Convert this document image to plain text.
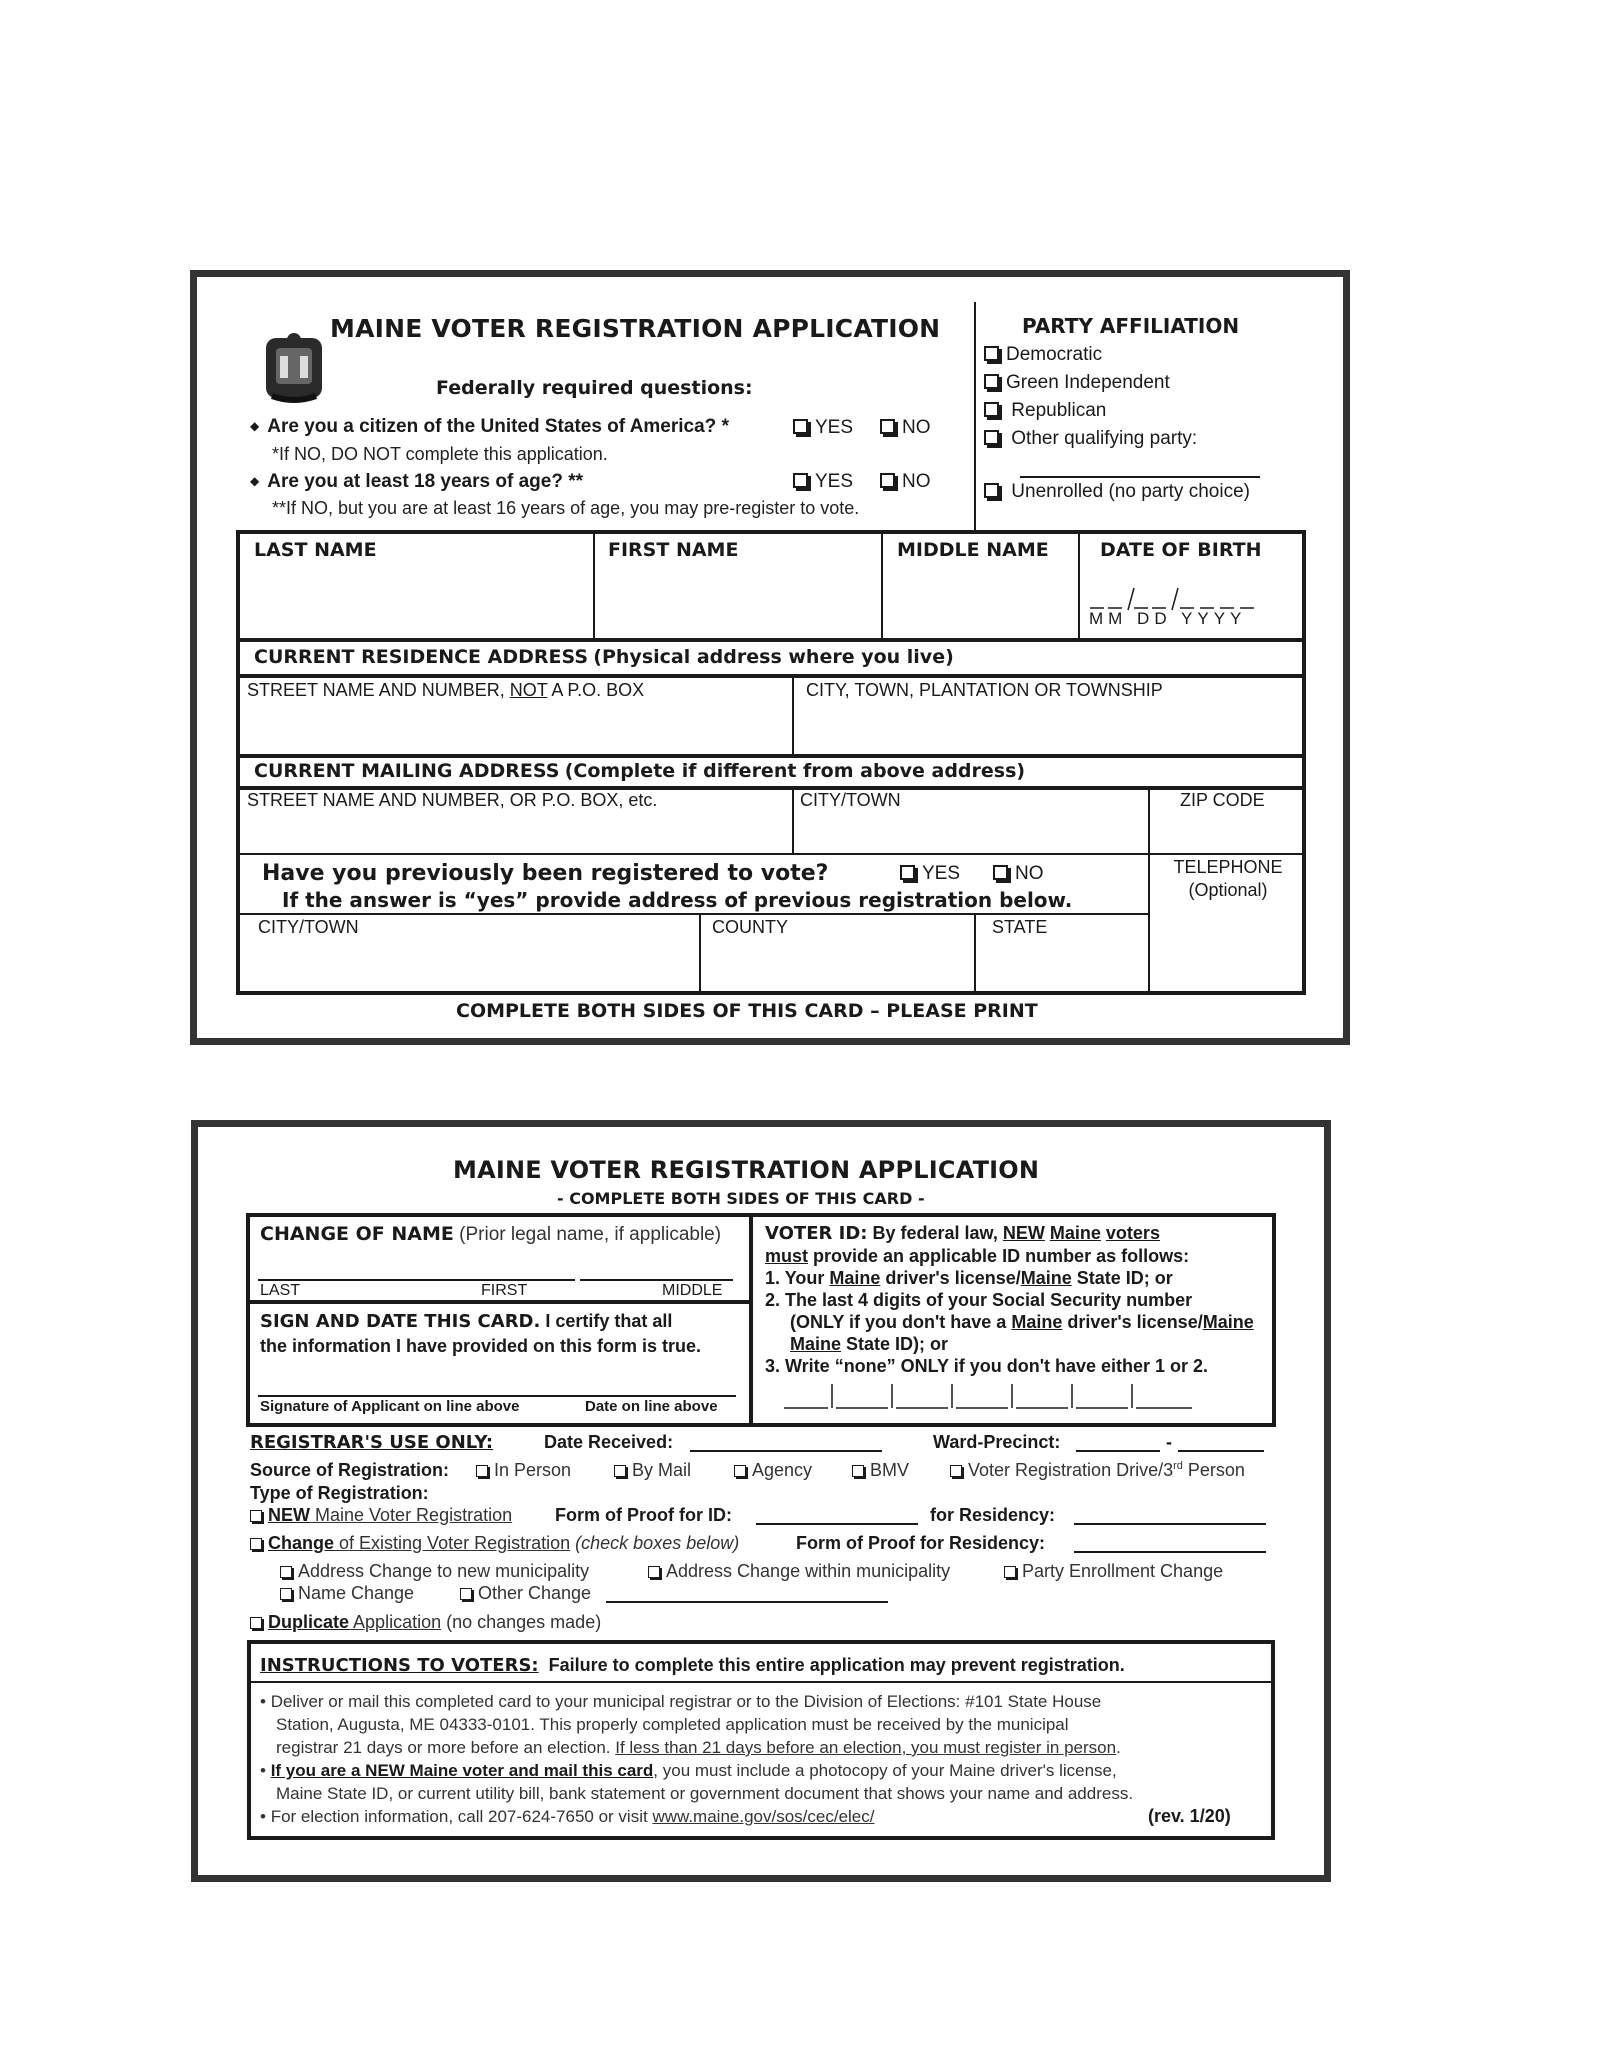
MAINE VOTER REGISTRATION APPLICATION
Federally required questions:
◆ Are you a citizen of the United States of America? *
*If NO, DO NOT complete this application.
YES	NO
◆ Are you at least 18 years of age? **
**If NO, but you are at least 16 years of age, you may pre-register to vote.
YES	NO
PARTY AFFILIATION
Democratic
Green Independent
Republican
Other qualifying party:
Unenrolled (no party choice)
LAST NAME	FIRST NAME	MIDDLE NAME	DATE OF BIRTH
MM DD YYYY
CURRENT RESIDENCE ADDRESS (Physical address where you live)
STREET NAME AND NUMBER, NOT A P.O. BOX	CITY, TOWN, PLANTATION OR TOWNSHIP
CURRENT MAILING ADDRESS (Complete if different from above address)
STREET NAME AND NUMBER, OR P.O. BOX, etc.	CITY/TOWN	ZIP CODE
Have you previously been registered to vote?	YES	NO
If the answer is “yes” provide address of previous registration below.
CITY/TOWN	COUNTY	STATE
TELEPHONE
(Optional)
COMPLETE BOTH SIDES OF THIS CARD – PLEASE PRINT
MAINE VOTER REGISTRATION APPLICATION
- COMPLETE BOTH SIDES OF THIS CARD -
CHANGE OF NAME (Prior legal name, if applicable)
LAST	FIRST	MIDDLE
SIGN AND DATE THIS CARD. I certify that all
the information I have provided on this form is true.
Signature of Applicant on line above	Date on line above
VOTER ID: By federal law, NEW Maine voters
must provide an applicable ID number as follows:
1. Your Maine driver's license/Maine State ID; or
2. The last 4 digits of your Social Security number
(ONLY if you don't have a Maine driver's license/Maine
Maine State ID); or
3. Write “none” ONLY if you don't have either 1 or 2.
REGISTRAR'S USE ONLY:	Date Received:	Ward-Precinct:	-
Source of Registration:	In Person	By Mail	Agency	BMV	Voter Registration Drive/3rd Person
Type of Registration:
NEW Maine Voter Registration Form of Proof for ID:	for Residency:
Change of Existing Voter Registration (check boxes below)	Form of Proof for Residency:
Address Change to new municipality	Address Change within municipality	Party Enrollment Change
Name Change	Other Change
Duplicate Application (no changes made)
INSTRUCTIONS TO VOTERS: Failure to complete this entire application may prevent registration.
• Deliver or mail this completed card to your municipal registrar or to the Division of Elections: #101 State House
Station, Augusta, ME 04333-0101. This properly completed application must be received by the municipal
registrar 21 days or more before an election. If less than 21 days before an election, you must register in person.
• If you are a NEW Maine voter and mail this card, you must include a photocopy of your Maine driver's license,
Maine State ID, or current utility bill, bank statement or government document that shows your name and address.
• For election information, call 207-624-7650 or visit www.maine.gov/sos/cec/elec/	(rev. 1/20)
